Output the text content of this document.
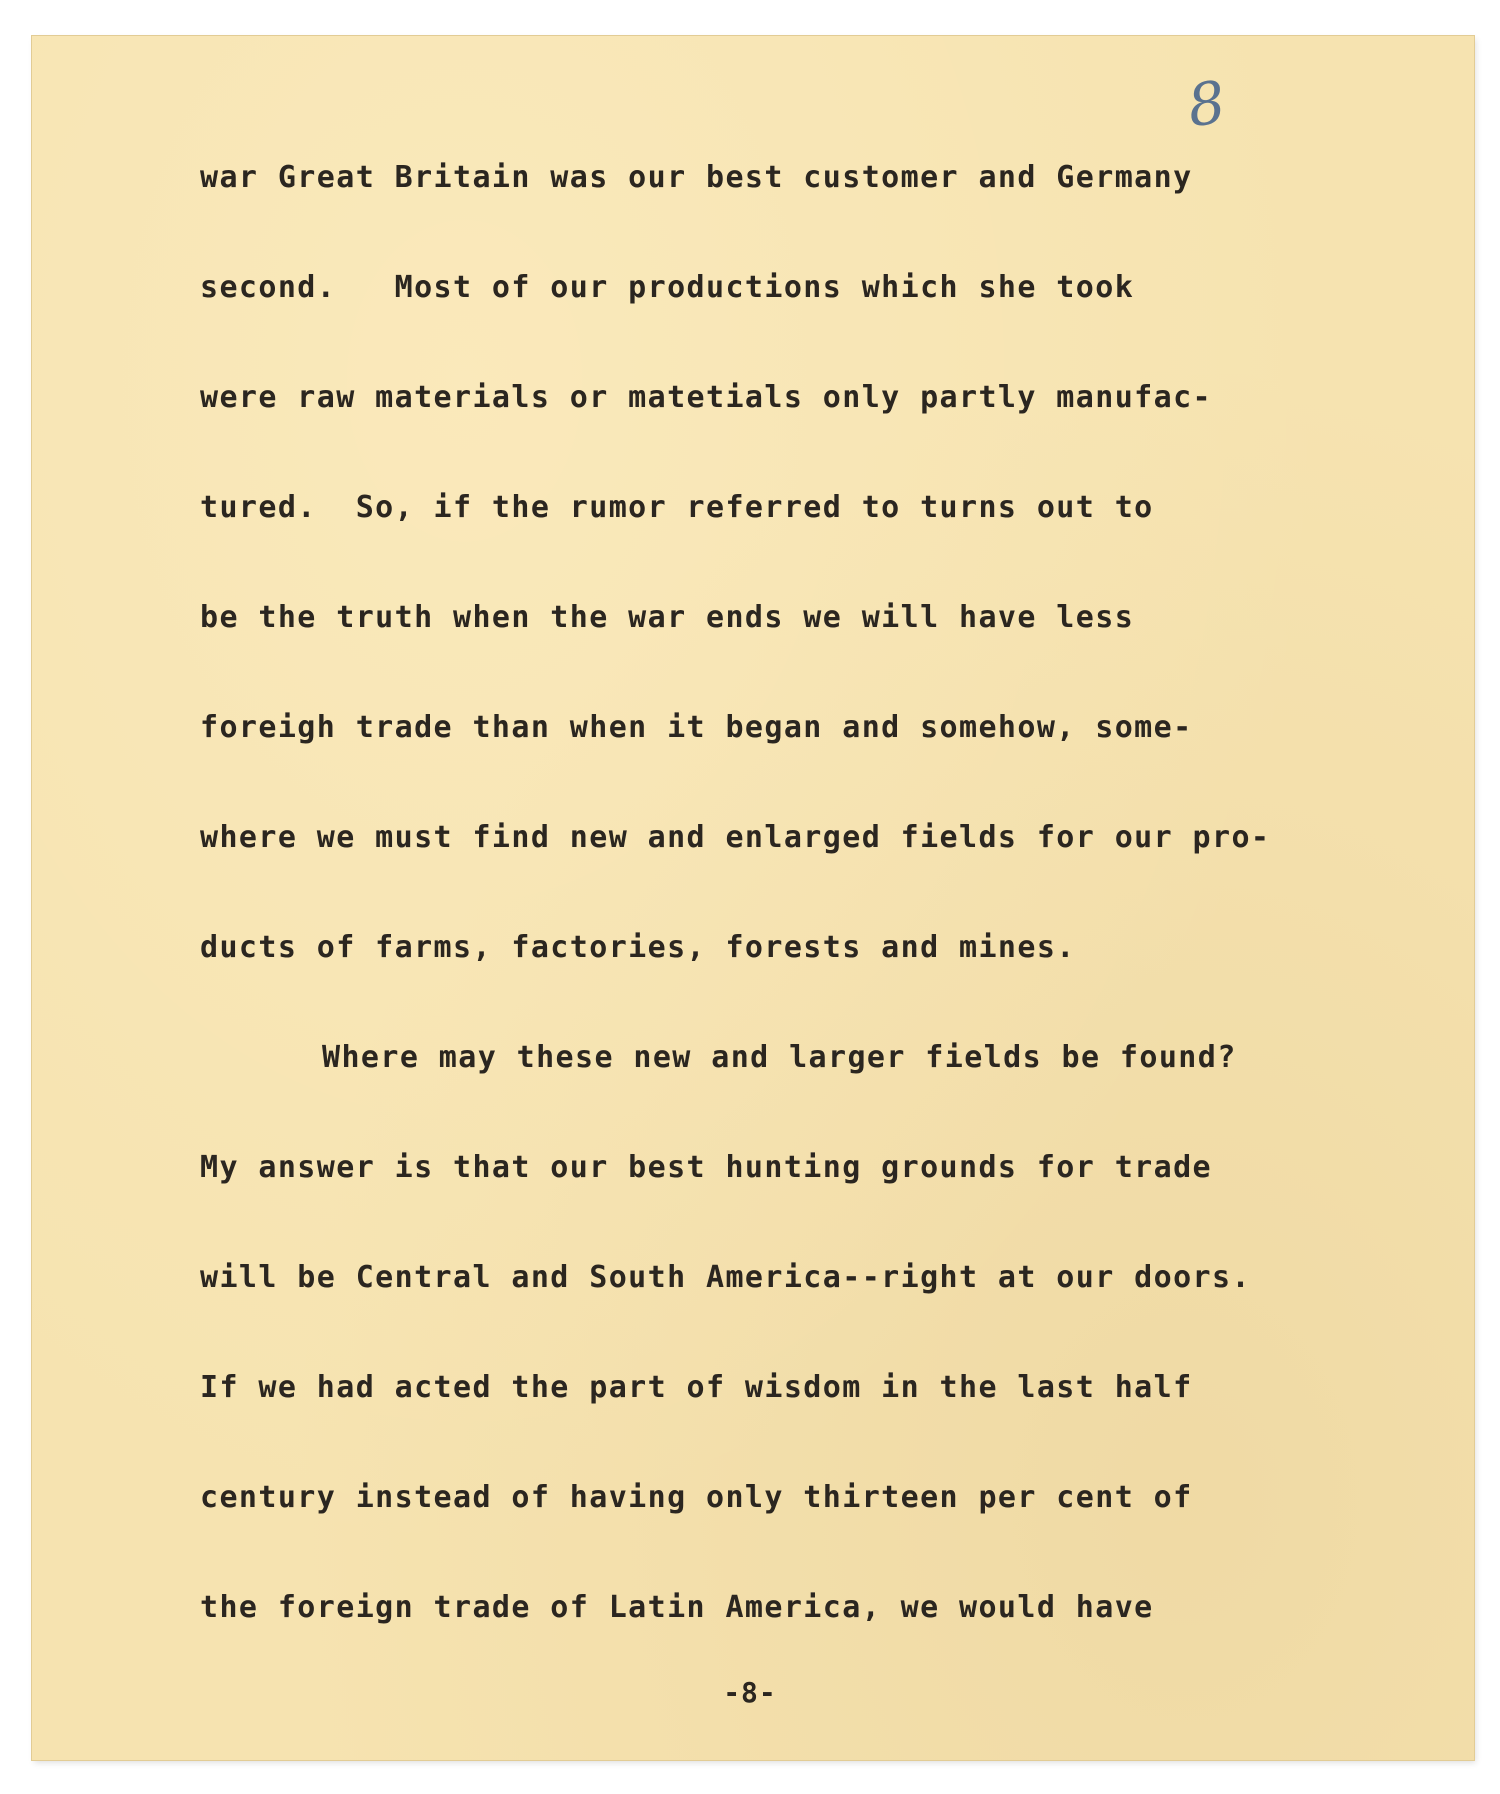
8
war Great Britain was our best customer and Germany
second.   Most of our productions which she took
were raw materials or matetials only partly manufac-
tured.  So, if the rumor referred to turns out to
be the truth when the war ends we will have less
foreigh trade than when it began and somehow, some-
where we must find new and enlarged fields for our pro-
ducts of farms, factories, forests and mines.
Where may these new and larger fields be found?
My answer is that our best hunting grounds for trade
will be Central and South America--right at our doors.
If we had acted the part of wisdom in the last half
century instead of having only thirteen per cent of
the foreign trade of Latin America, we would have
-8-
